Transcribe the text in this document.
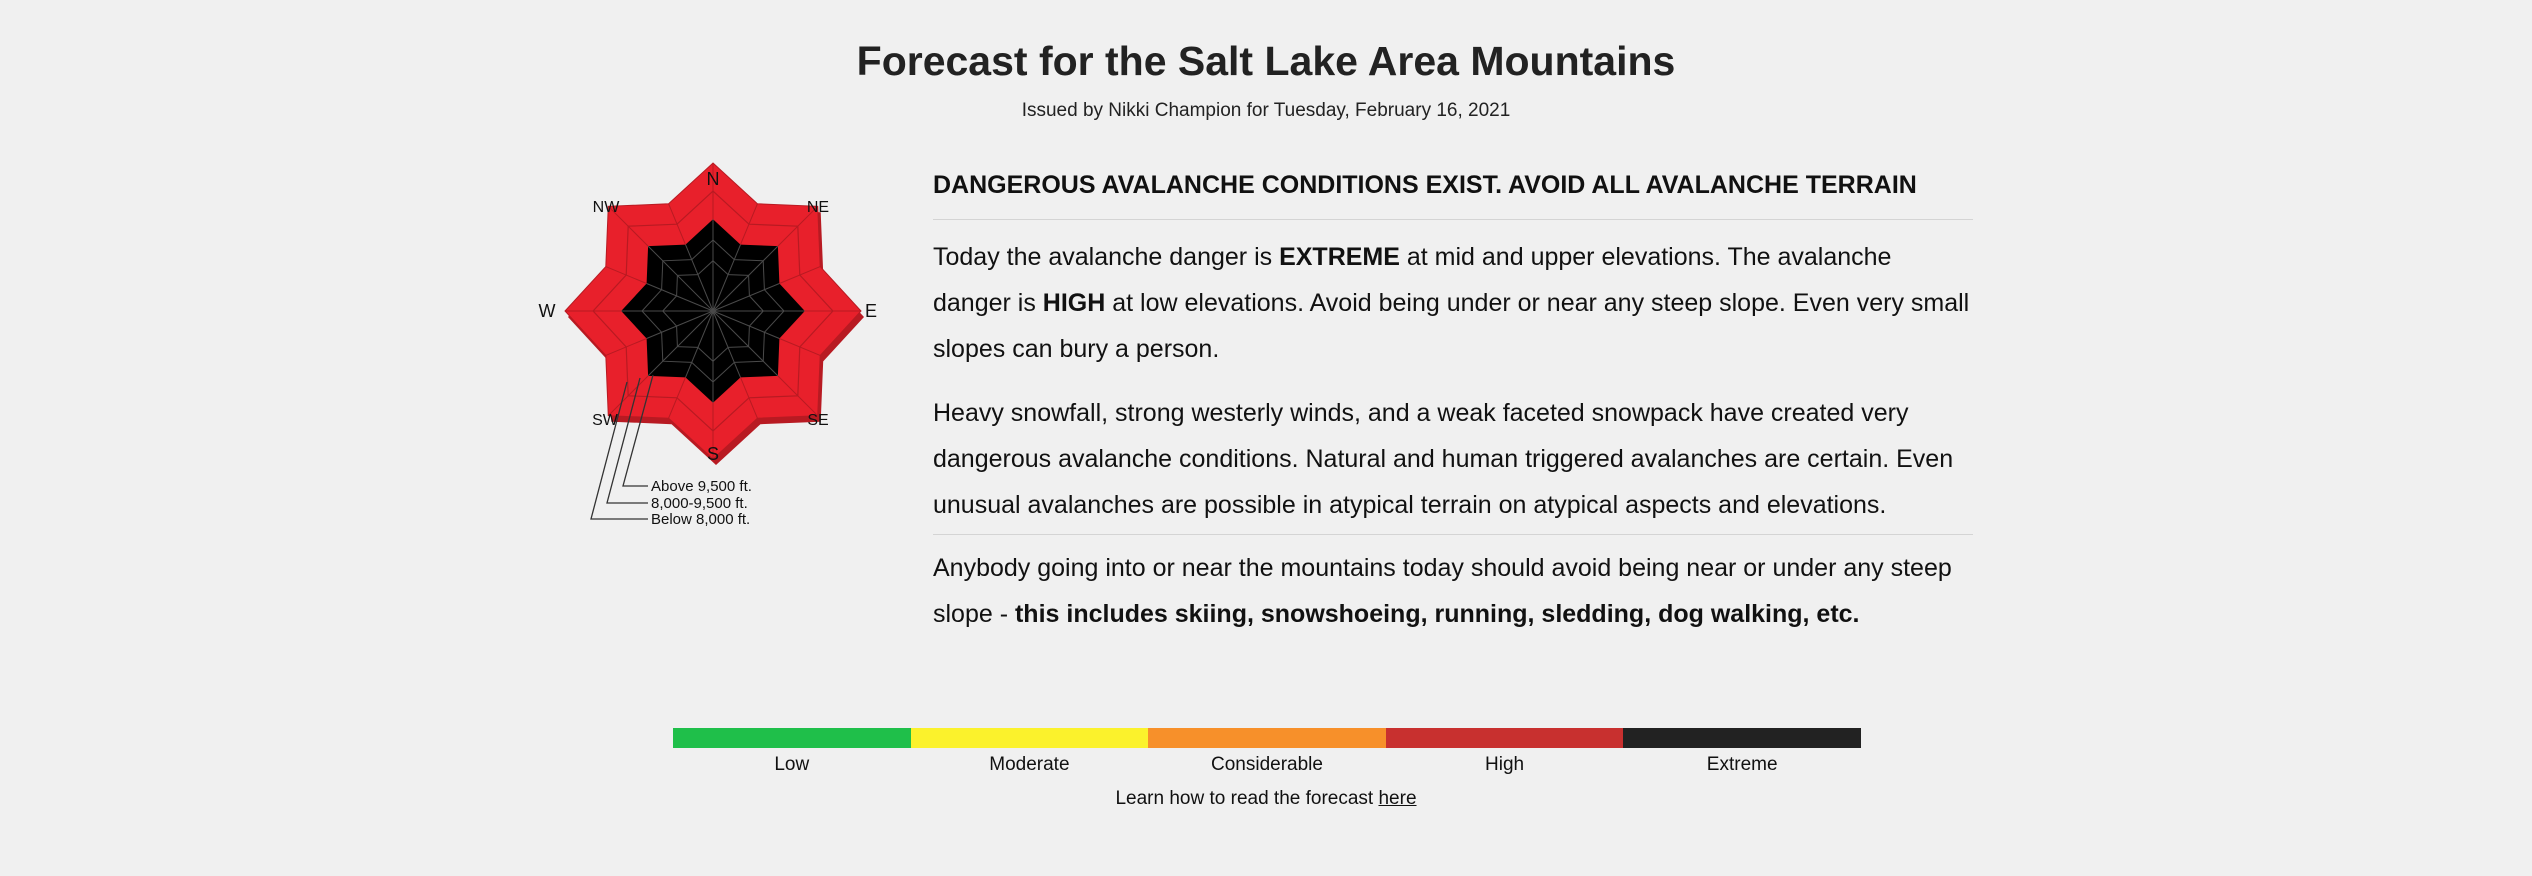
Forecast for the Salt Lake Area Mountains
Issued by Nikki Champion for Tuesday, February 16, 2021
N
NE
E
SE
S
SW
W
NW
Above 9,500 ft.
8,000-9,500 ft.
Below 8,000 ft.
DANGEROUS AVALANCHE CONDITIONS EXIST. AVOID ALL AVALANCHE TERRAIN
Today the avalanche danger is EXTREME at mid and upper elevations. The avalanche danger is HIGH at low elevations. Avoid being under or near any steep slope. Even very small slopes can bury a person.
Heavy snowfall, strong westerly winds, and a weak faceted snowpack have created very dangerous avalanche conditions. Natural and human triggered avalanches are certain. Even unusual avalanches are possible in atypical terrain on atypical aspects and elevations.
Anybody going into or near the mountains today should avoid being near or under any steep slope - this includes skiing, snowshoeing, running, sledding, dog walking, etc.
Low	Moderate	Considerable	High	Extreme
Learn how to read the forecast here
